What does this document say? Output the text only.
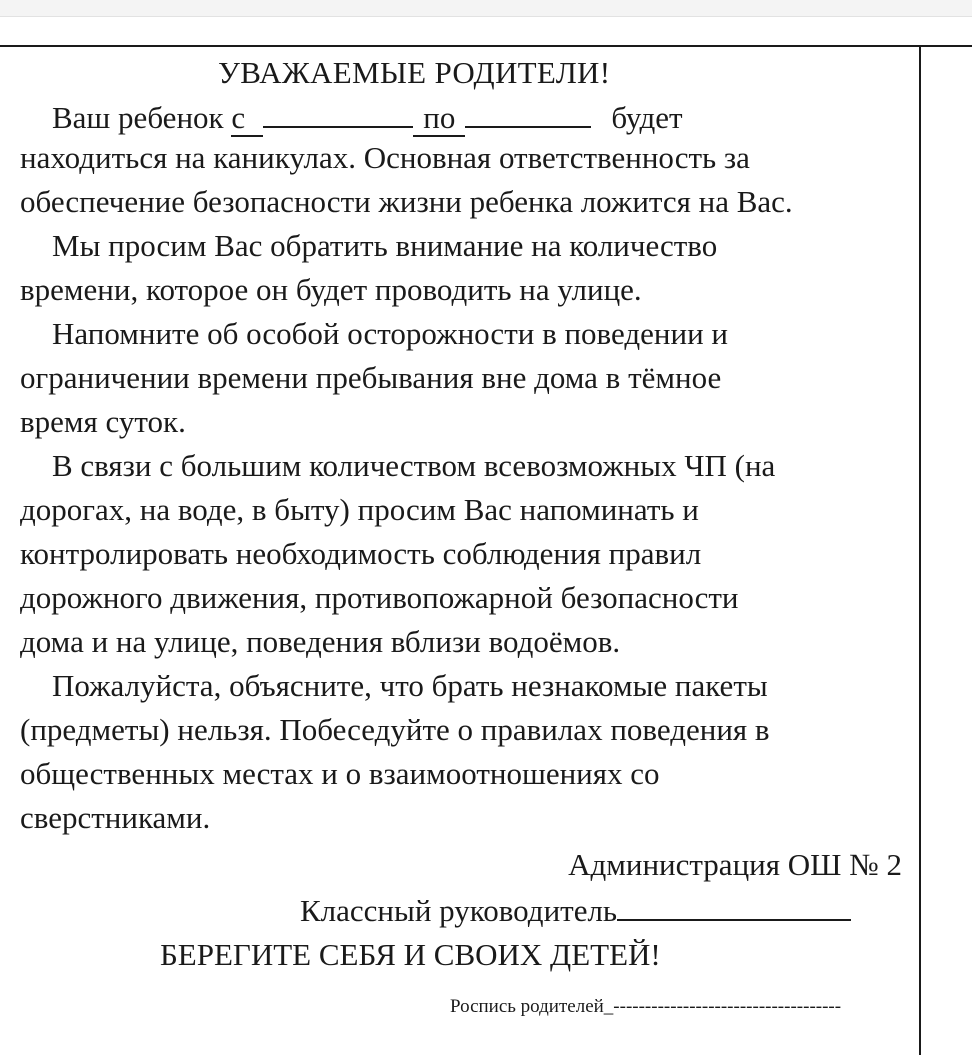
УВАЖАЕМЫЕ РОДИТЕЛИ!
Ваш ребенок с	по	будет
находиться на каникулах. Основная ответственность за
обеспечение безопасности жизни ребенка ложится на Вас.
Мы просим Вас обратить внимание на количество
времени, которое он будет проводить на улице.
Напомните об особой осторожности в поведении и
ограничении времени пребывания вне дома в тёмное
время суток.
В связи с большим количеством всевозможных ЧП (на
дорогах, на воде, в быту) просим Вас напоминать и
контролировать необходимость соблюдения правил
дорожного движения, противопожарной безопасности
дома и на улице, поведения вблизи водоёмов.
Пожалуйста, объясните, что брать незнакомые пакеты
(предметы) нельзя. Побеседуйте о правилах поведения в
общественных местах и о взаимоотношениях со
сверстниками.
Администрация ОШ № 2
Классный руководитель
БЕРЕГИТЕ СЕБЯ И СВОИХ ДЕТЕЙ!
Роспись родителей_------------------------------------
